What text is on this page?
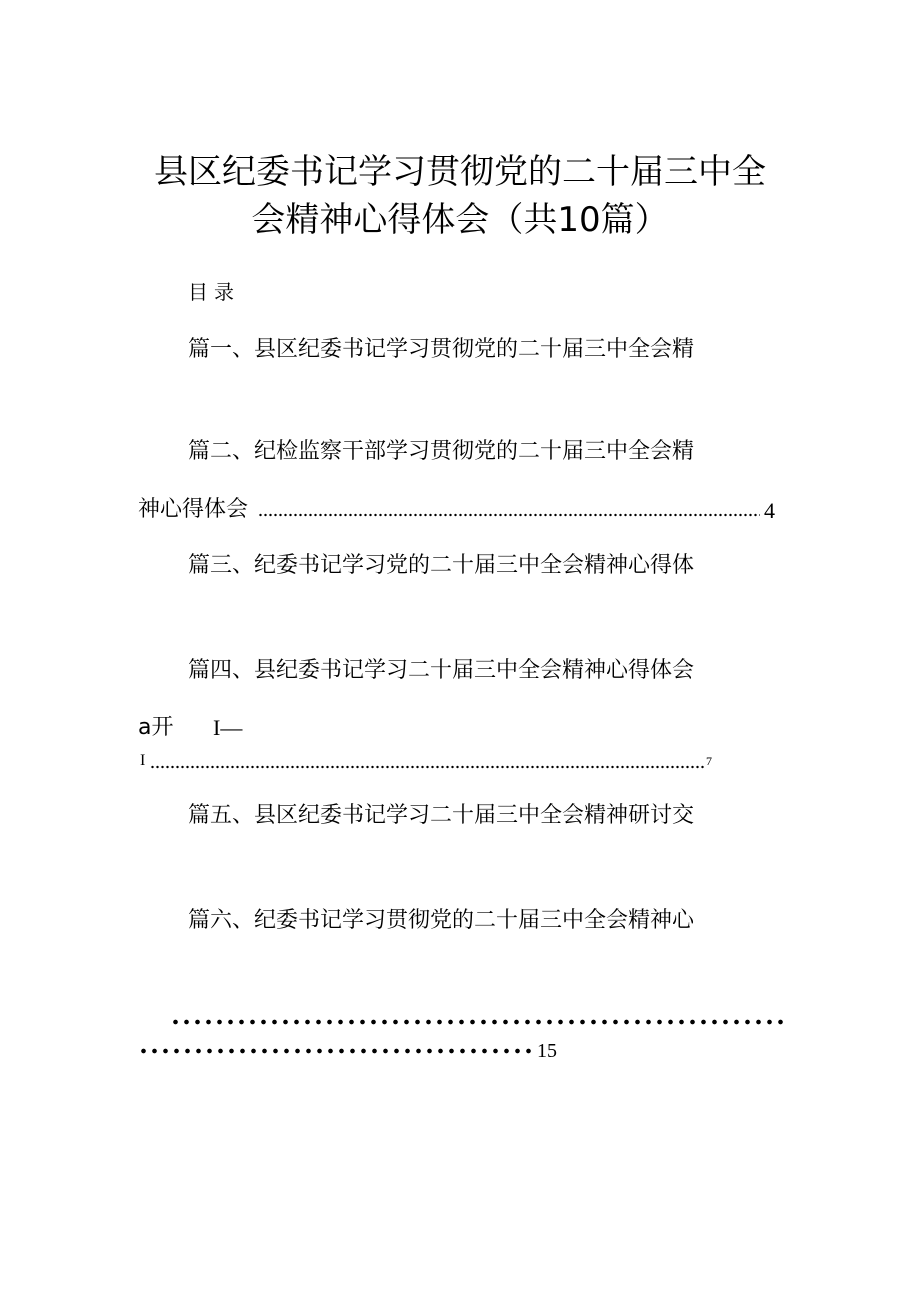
县区纪委书记学习贯彻党的二十届三中全
会精神心得体会（共10篇）
目录
篇一、县区纪委书记学习贯彻党的二十届三中全会精
篇二、纪检监察干部学习贯彻党的二十届三中全会精
神心得体会	4
篇三、纪委书记学习党的二十届三中全会精神心得体
篇四、县纪委书记学习二十届三中全会精神心得体会
a开 I—
I	7
篇五、县区纪委书记学习二十届三中全会精神研讨交
篇六、纪委书记学习贯彻党的二十届三中全会精神心
15
